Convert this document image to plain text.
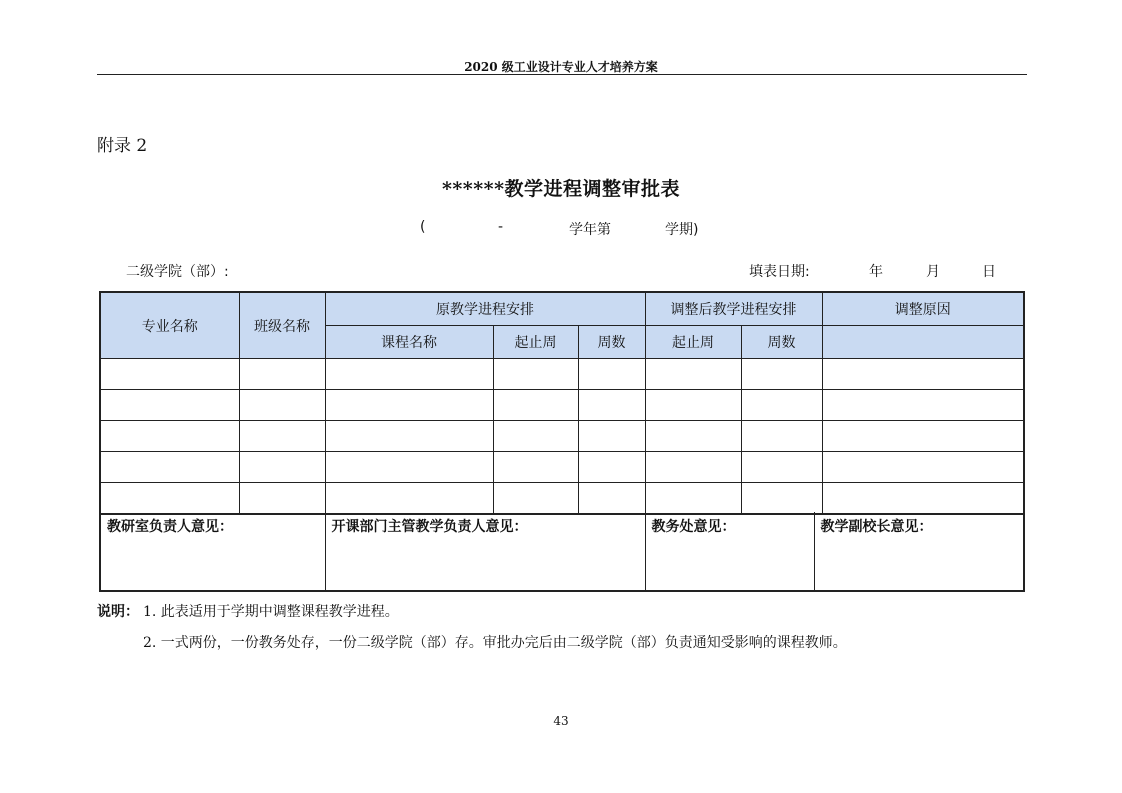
2020 级工业设计专业人才培养方案
附录 2
******教学进程调整审批表
(	-	学年第	学期)
二级学院（部）:	填表日期:	年	月	日
专业名称	班级名称	原教学进程安排			调整后教学进程安排		调整原因
		课程名称	起止周	周数	起止周	周数	

教研室负责人意见：	开课部门主管教学负责人意见：	教务处意见：	教学副校长意见：
说明： 1. 此表适用于学期中调整课程教学进程。
2. 一式两份，一份教务处存，一份二级学院（部）存。审批办完后由二级学院（部）负责通知受影响的课程教师。
43
